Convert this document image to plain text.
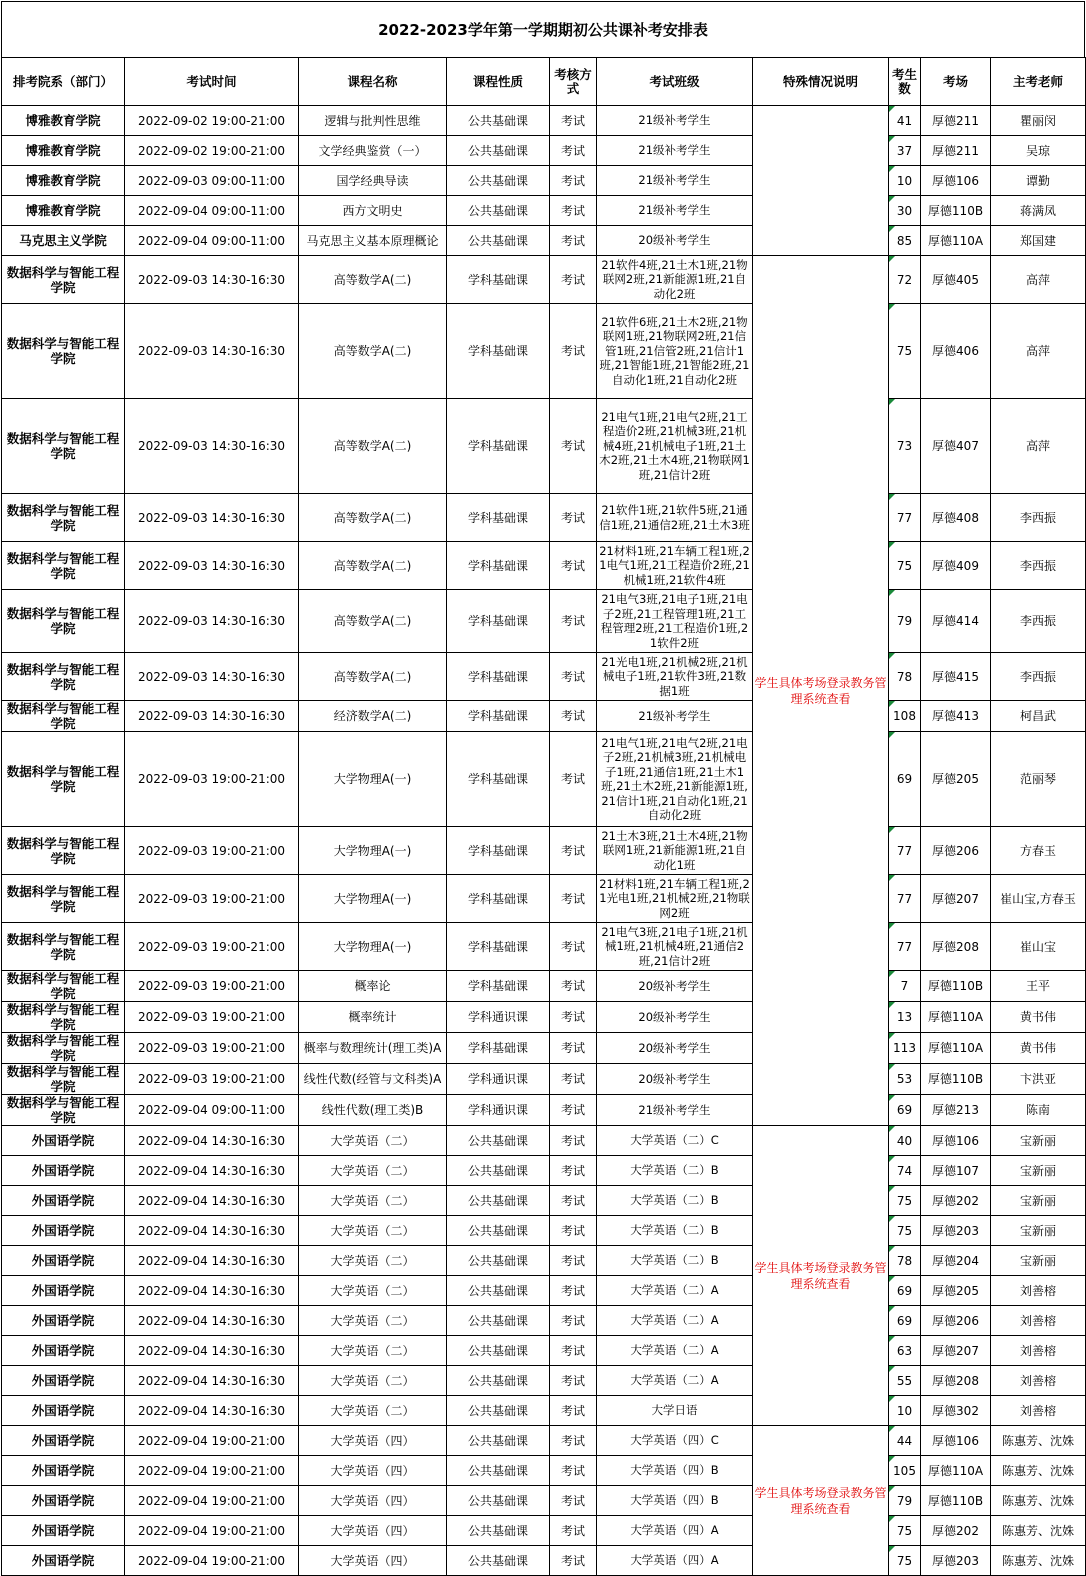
2022-2023学年第一学期期初公共课补考安排表
排考院系（部门）	考试时间	课程名称	课程性质	考核方式	考试班级	特殊情况说明	考生数	考场	主考老师
博雅教育学院	2022-09-02 19:00-21:00	逻辑与批判性思维	公共基础课	考试	21级补考学生		41	厚德211	瞿丽闵
博雅教育学院	2022-09-02 19:00-21:00	文学经典鉴赏（一）	公共基础课	考试	21级补考学生		37	厚德211	吴琼
博雅教育学院	2022-09-03 09:00-11:00	国学经典导读	公共基础课	考试	21级补考学生		10	厚德106	谭勤
博雅教育学院	2022-09-04 09:00-11:00	西方文明史	公共基础课	考试	21级补考学生		30	厚德110B	蒋满凤
马克思主义学院	2022-09-04 09:00-11:00	马克思主义基本原理概论	公共基础课	考试	20级补考学生		85	厚德110A	郑国建
数据科学与智能工程学院	2022-09-03 14:30-16:30	高等数学A(二)	学科基础课	考试	21软件4班,21土木1班,21物联网2班,21新能源1班,21自动化2班	学生具体考场登录教务管理系统查看	72	厚德405	高萍
数据科学与智能工程学院	2022-09-03 14:30-16:30	高等数学A(二)	学科基础课	考试	21软件6班,21土木2班,21物联网1班,21物联网2班,21信管1班,21信管2班,21信计1班,21智能1班,21智能2班,21自动化1班,21自动化2班		75	厚德406	高萍
数据科学与智能工程学院	2022-09-03 14:30-16:30	高等数学A(二)	学科基础课	考试	21电气1班,21电气2班,21工程造价2班,21机械3班,21机械4班,21机械电子1班,21土木2班,21土木4班,21物联网1班,21信计2班		73	厚德407	高萍
数据科学与智能工程学院	2022-09-03 14:30-16:30	高等数学A(二)	学科基础课	考试	21软件1班,21软件5班,21通信1班,21通信2班,21土木3班		77	厚德408	李西振
数据科学与智能工程学院	2022-09-03 14:30-16:30	高等数学A(二)	学科基础课	考试	21材料1班,21车辆工程1班,21电气1班,21工程造价2班,21机械1班,21软件4班		75	厚德409	李西振
数据科学与智能工程学院	2022-09-03 14:30-16:30	高等数学A(二)	学科基础课	考试	21电气3班,21电子1班,21电子2班,21工程管理1班,21工程管理2班,21工程造价1班,21软件2班		79	厚德414	李西振
数据科学与智能工程学院	2022-09-03 14:30-16:30	高等数学A(二)	学科基础课	考试	21光电1班,21机械2班,21机械电子1班,21软件3班,21数据1班		78	厚德415	李西振
数据科学与智能工程学院	2022-09-03 14:30-16:30	经济数学A(二)	学科基础课	考试	21级补考学生		108	厚德413	柯昌武
数据科学与智能工程学院	2022-09-03 19:00-21:00	大学物理A(一)	学科基础课	考试	21电气1班,21电气2班,21电子2班,21机械3班,21机械电子1班,21通信1班,21土木1班,21土木2班,21新能源1班,21信计1班,21自动化1班,21自动化2班		69	厚德205	范丽琴
数据科学与智能工程学院	2022-09-03 19:00-21:00	大学物理A(一)	学科基础课	考试	21土木3班,21土木4班,21物联网1班,21新能源1班,21自动化1班		77	厚德206	方春玉
数据科学与智能工程学院	2022-09-03 19:00-21:00	大学物理A(一)	学科基础课	考试	21材料1班,21车辆工程1班,21光电1班,21机械2班,21物联网2班		77	厚德207	崔山宝,方春玉
数据科学与智能工程学院	2022-09-03 19:00-21:00	大学物理A(一)	学科基础课	考试	21电气3班,21电子1班,21机械1班,21机械4班,21通信2班,21信计2班		77	厚德208	崔山宝
数据科学与智能工程学院	2022-09-03 19:00-21:00	概率论	学科基础课	考试	20级补考学生		7	厚德110B	王平
数据科学与智能工程学院	2022-09-03 19:00-21:00	概率统计	学科通识课	考试	20级补考学生		13	厚德110A	黄书伟
数据科学与智能工程学院	2022-09-03 19:00-21:00	概率与数理统计(理工类)A	学科基础课	考试	20级补考学生		113	厚德110A	黄书伟
数据科学与智能工程学院	2022-09-03 19:00-21:00	线性代数(经管与文科类)A	学科通识课	考试	20级补考学生		53	厚德110B	卞洪亚
数据科学与智能工程学院	2022-09-04 09:00-11:00	线性代数(理工类)B	学科通识课	考试	21级补考学生		69	厚德213	陈南
外国语学院	2022-09-04 14:30-16:30	大学英语（二）	公共基础课	考试	大学英语（二）C	学生具体考场登录教务管理系统查看	40	厚德106	宝新丽
外国语学院	2022-09-04 14:30-16:30	大学英语（二）	公共基础课	考试	大学英语（二）B		74	厚德107	宝新丽
外国语学院	2022-09-04 14:30-16:30	大学英语（二）	公共基础课	考试	大学英语（二）B		75	厚德202	宝新丽
外国语学院	2022-09-04 14:30-16:30	大学英语（二）	公共基础课	考试	大学英语（二）B		75	厚德203	宝新丽
外国语学院	2022-09-04 14:30-16:30	大学英语（二）	公共基础课	考试	大学英语（二）B		78	厚德204	宝新丽
外国语学院	2022-09-04 14:30-16:30	大学英语（二）	公共基础课	考试	大学英语（二）A		69	厚德205	刘善榕
外国语学院	2022-09-04 14:30-16:30	大学英语（二）	公共基础课	考试	大学英语（二）A		69	厚德206	刘善榕
外国语学院	2022-09-04 14:30-16:30	大学英语（二）	公共基础课	考试	大学英语（二）A		63	厚德207	刘善榕
外国语学院	2022-09-04 14:30-16:30	大学英语（二）	公共基础课	考试	大学英语（二）A		55	厚德208	刘善榕
外国语学院	2022-09-04 14:30-16:30	大学英语（二）	公共基础课	考试	大学日语		10	厚德302	刘善榕
外国语学院	2022-09-04 19:00-21:00	大学英语（四）	公共基础课	考试	大学英语（四）C	学生具体考场登录教务管理系统查看	44	厚德106	陈惠芳、沈姝
外国语学院	2022-09-04 19:00-21:00	大学英语（四）	公共基础课	考试	大学英语（四）B		105	厚德110A	陈惠芳、沈姝
外国语学院	2022-09-04 19:00-21:00	大学英语（四）	公共基础课	考试	大学英语（四）B		79	厚德110B	陈惠芳、沈姝
外国语学院	2022-09-04 19:00-21:00	大学英语（四）	公共基础课	考试	大学英语（四）A		75	厚德202	陈惠芳、沈姝
外国语学院	2022-09-04 19:00-21:00	大学英语（四）	公共基础课	考试	大学英语（四）A		75	厚德203	陈惠芳、沈姝
